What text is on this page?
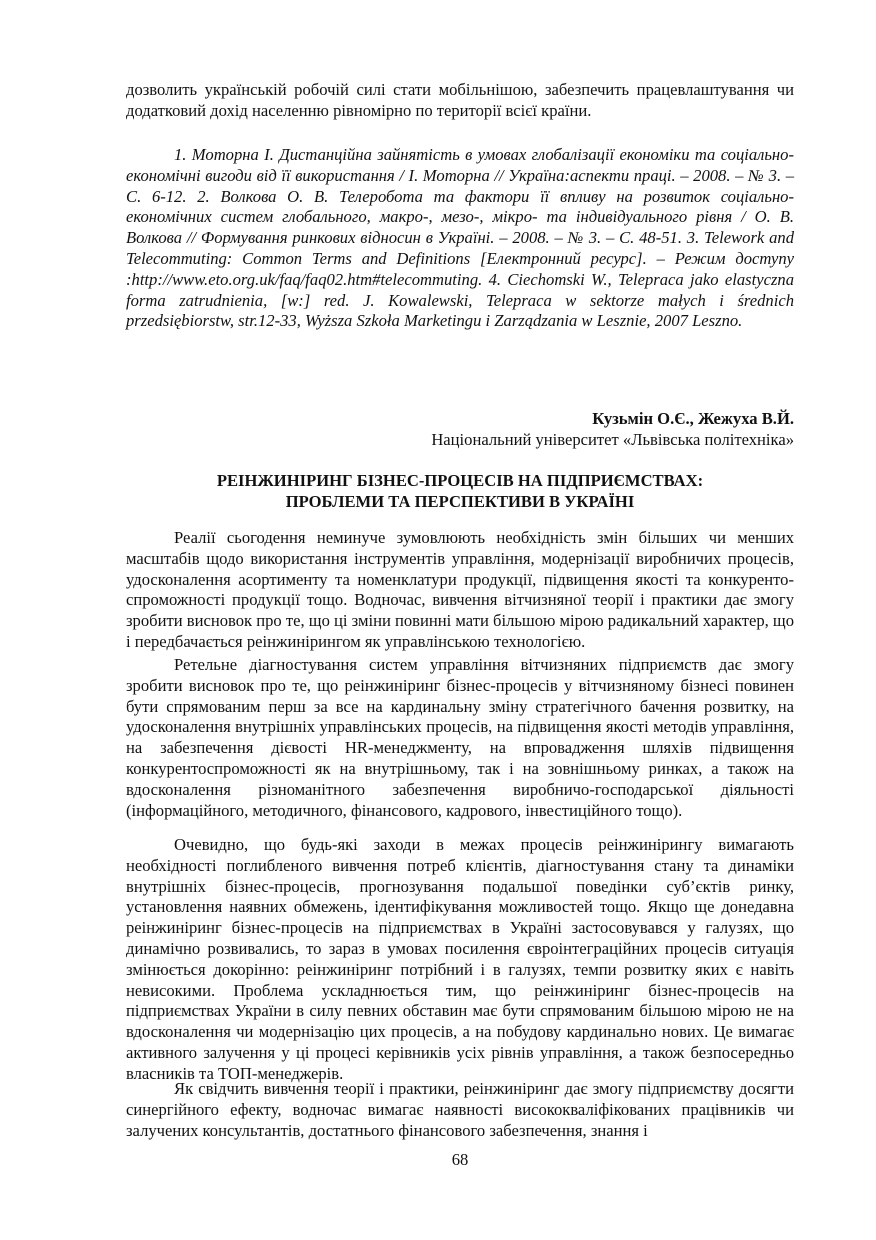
дозволить українській робочій силі стати мобільнішою, забезпечить працевлаштування чи додатковий дохід населенню рівномірно по території всієї країни.

1. Моторна І. Дистанційна зайнятість в умовах глобалізації економіки та соціально-економічні вигоди від її використання / І. Моторна // Україна:аспекти праці. – 2008. – № 3. – С. 6-12. 2. Волкова О. В. Телеробота та фактори її впливу на розвиток соціально-економічних систем глобального, макро-, мезо-, мікро- та індивідуального рівня / О. В. Волкова // Формування ринкових відносин в Україні. – 2008. – № 3. – С. 48-51. 3. Telework and Telecommuting: Common Terms and Definitions [Електронний ресурс]. – Режим доступу :http://www.eto.org.uk/faq/faq02.htm#telecommuting. 4. Ciechomski W., Telepraca jako elastyczna forma zatrudnienia, [w:] red. J. Kowalewski, Telepraca w sektorze małych i średnich przedsiębiorstw, str.12-33, Wyższa Szkoła Marketingu i Zarządzania w Lesznie, 2007 Leszno.

Кузьмін О.Є., Жежуха В.Й.

Національний університет «Львівська політехніка»

РЕІНЖИНІРИНГ БІЗНЕС-ПРОЦЕСІВ НА ПІДПРИЄМСТВАХ:
ПРОБЛЕМИ ТА ПЕРСПЕКТИВИ В УКРАЇНІ

Реалії сьогодення неминуче зумовлюють необхідність змін більших чи менших масштабів щодо використання інструментів управління, модернізації виробничих процесів, удосконалення асортименту та номенклатури продукції, підвищення якості та конкуренто-спроможності продукції тощо. Водночас, вивчення вітчизняної теорії і практики дає змогу зробити висновок про те, що ці зміни повинні мати більшою мірою радикальний характер, що і передбачається реінжинірингом як управлінською технологією.

Ретельне діагностування систем управління вітчизняних підприємств дає змогу зробити висновок про те, що реінжиніринг бізнес-процесів у вітчизняному бізнесі повинен бути спрямованим перш за все на кардинальну зміну стратегічного бачення розвитку, на удосконалення внутрішніх управлінських процесів, на підвищення якості методів управління, на забезпечення дієвості HR-менеджменту, на впровадження шляхів підвищення конкурентоспроможності як на внутрішньому, так і на зовнішньому ринках, а також на вдосконалення різноманітного забезпечення виробничо-господарської діяльності (інформаційного, методичного, фінансового, кадрового, інвестиційного тощо).

Очевидно, що будь-які заходи в межах процесів реінжинірингу вимагають необхідності поглибленого вивчення потреб клієнтів, діагностування стану та динаміки внутрішніх бізнес-процесів, прогнозування подальшої поведінки суб’єктів ринку, установлення наявних обмежень, ідентифікування можливостей тощо. Якщо ще донедавна реінжиніринг бізнес-процесів на підприємствах в Україні застосовувався у галузях, що динамічно розвивались, то зараз в умовах посилення євроінтеграційних процесів ситуація змінюється докорінно: реінжиніринг потрібний і в галузях, темпи розвитку яких є навіть невисокими. Проблема ускладнюється тим, що реінжиніринг бізнес-процесів на підприємствах України в силу певних обставин має бути спрямованим більшою мірою не на вдосконалення чи модернізацію цих процесів, а на побудову кардинально нових. Це вимагає активного залучення у ці процесі керівників усіх рівнів управління, а також безпосередньо власників та ТОП-менеджерів.

Як свідчить вивчення теорії і практики, реінжиніринг дає змогу підприємству досягти синергійного ефекту, водночас вимагає наявності висококваліфікованих працівників чи залучених консультантів, достатнього фінансового забезпечення, знання і

68
